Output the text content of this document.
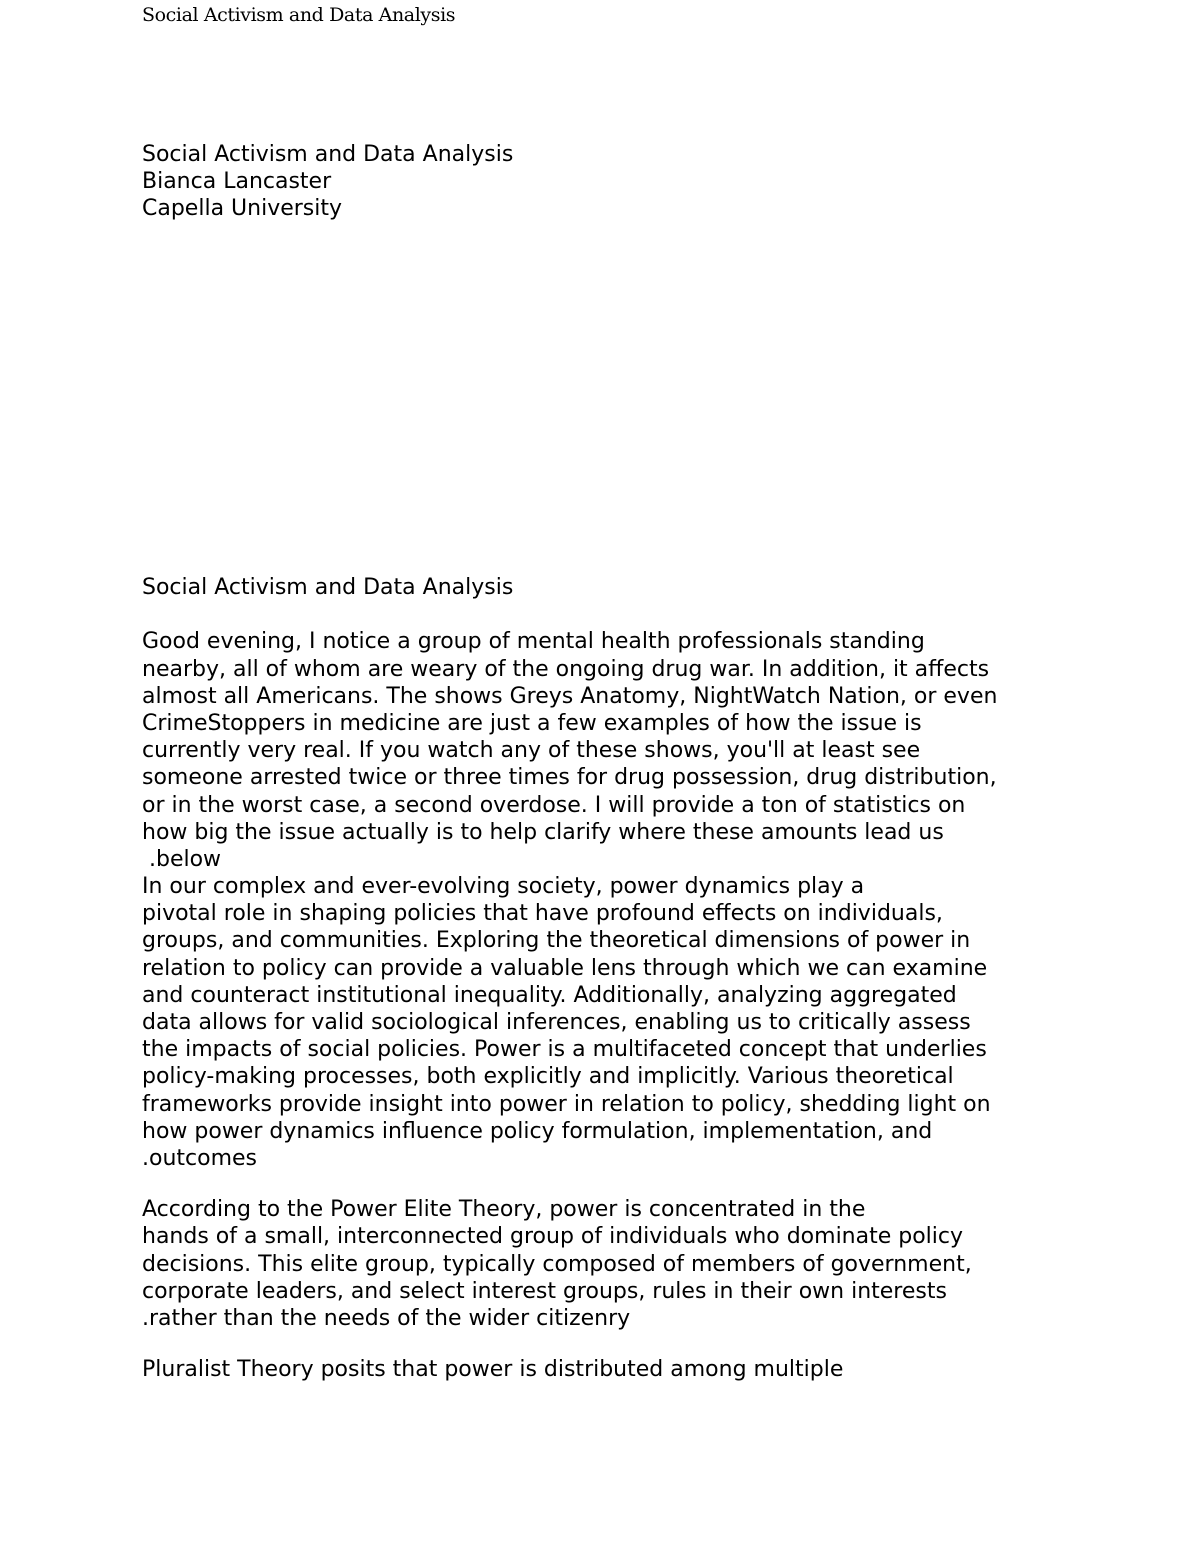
Social Activism and Data Analysis
Social Activism and Data Analysis
Bianca Lancaster
Capella University
Social Activism and Data Analysis
Good evening, I notice a group of mental health professionals standing
nearby, all of whom are weary of the ongoing drug war. In addition, it affects
almost all Americans. The shows Greys Anatomy, NightWatch Nation, or even
CrimeStoppers in medicine are just a few examples of how the issue is
currently very real. If you watch any of these shows, you'll at least see
someone arrested twice or three times for drug possession, drug distribution,
or in the worst case, a second overdose. I will provide a ton of statistics on
how big the issue actually is to help clarify where these amounts lead us
.below
In our complex and ever-evolving society, power dynamics play a
pivotal role in shaping policies that have profound effects on individuals,
groups, and communities. Exploring the theoretical dimensions of power in
relation to policy can provide a valuable lens through which we can examine
and counteract institutional inequality. Additionally, analyzing aggregated
data allows for valid sociological inferences, enabling us to critically assess
the impacts of social policies. Power is a multifaceted concept that underlies
policy-making processes, both explicitly and implicitly. Various theoretical
frameworks provide insight into power in relation to policy, shedding light on
how power dynamics influence policy formulation, implementation, and
.outcomes
According to the Power Elite Theory, power is concentrated in the
hands of a small, interconnected group of individuals who dominate policy
decisions. This elite group, typically composed of members of government,
corporate leaders, and select interest groups, rules in their own interests
.rather than the needs of the wider citizenry
Pluralist Theory posits that power is distributed among multiple
